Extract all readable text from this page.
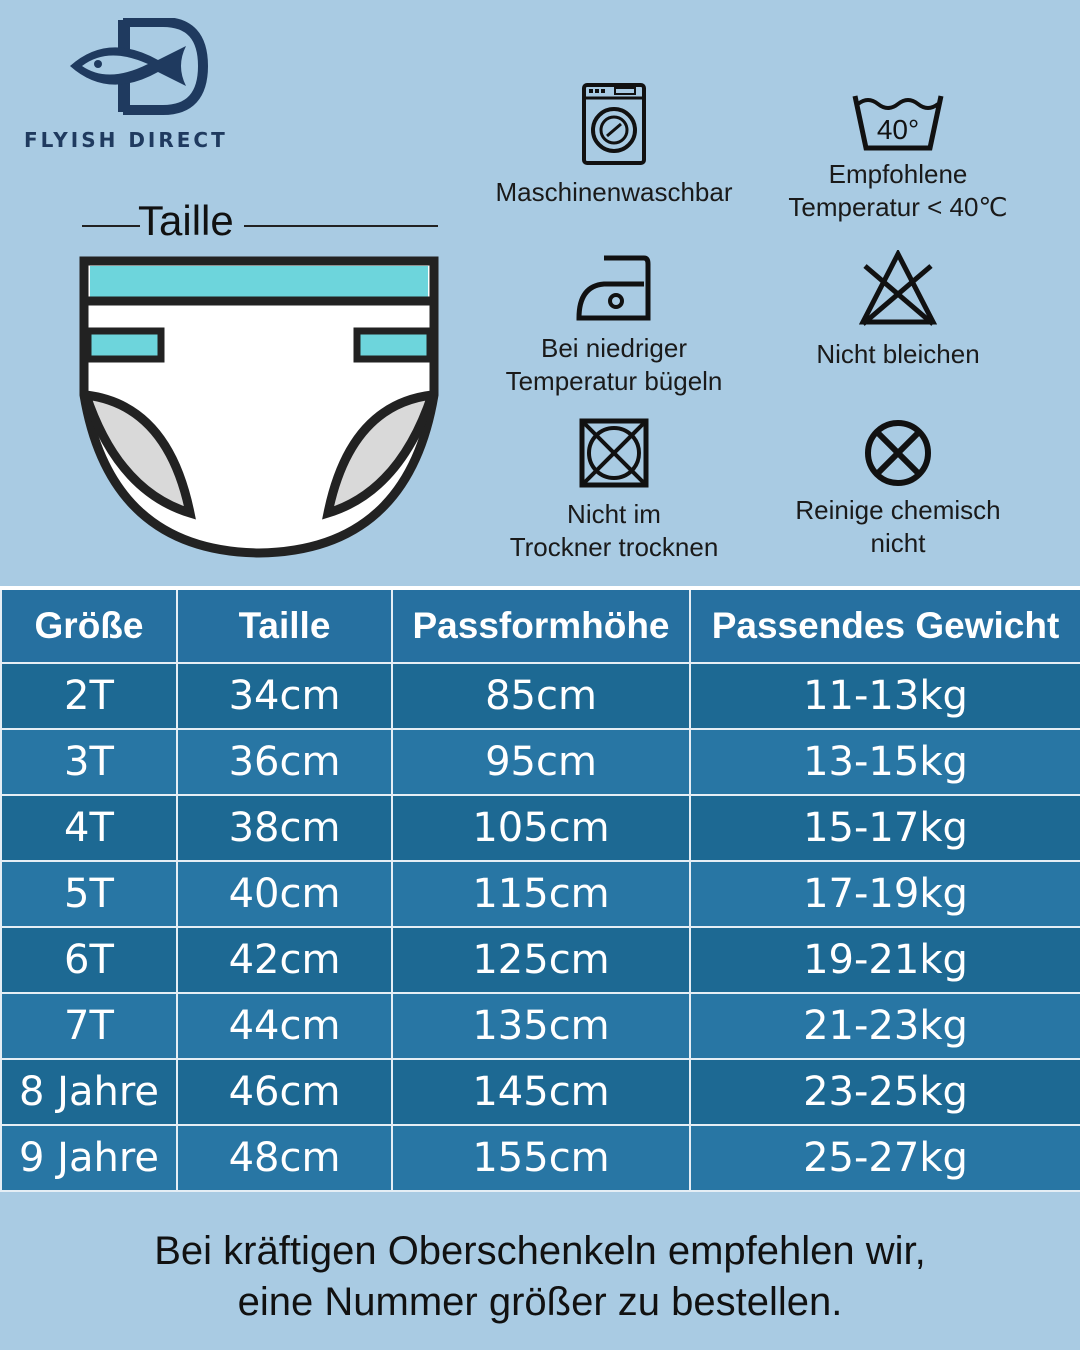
FLYISH DIRECT
Taille
Maschinenwaschbar
40°
Empfohlene
Temperatur < 40℃
Bei niedriger
Temperatur bügeln
Nicht bleichen
Nicht im
Trockner trocknen
Reinige chemisch
nicht
Größe	Taille	Passformhöhe	Passendes Gewicht
2T	34cm	85cm	11-13kg
3T	36cm	95cm	13-15kg
4T	38cm	105cm	15-17kg
5T	40cm	115cm	17-19kg
6T	42cm	125cm	19-21kg
7T	44cm	135cm	21-23kg
8 Jahre	46cm	145cm	23-25kg
9 Jahre	48cm	155cm	25-27kg
Bei kräftigen Oberschenkeln empfehlen wir,
eine Nummer größer zu bestellen.
